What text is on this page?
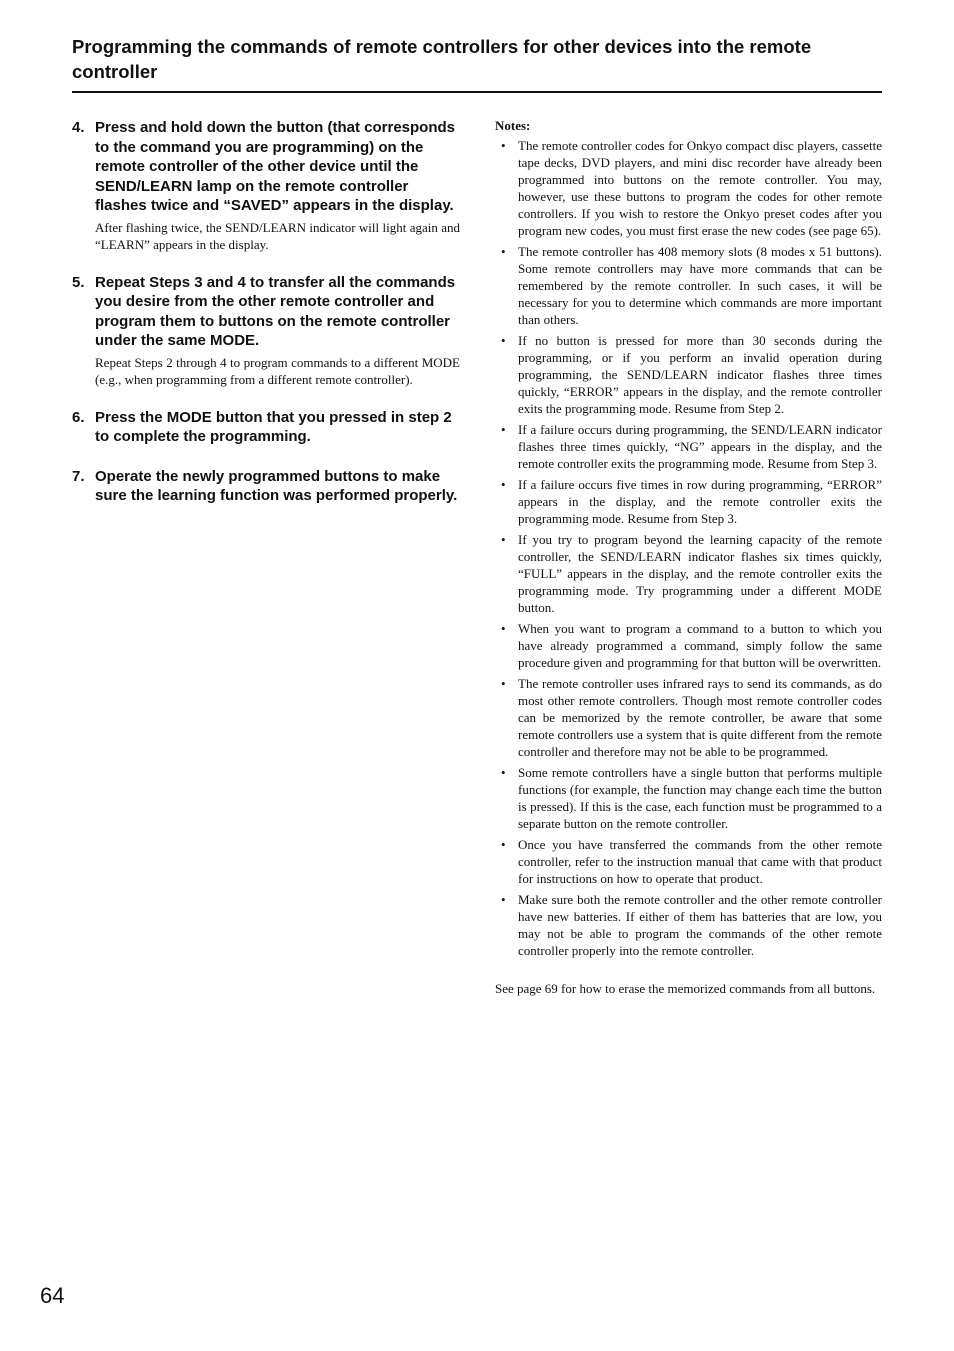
Programming the commands of remote controllers for other devices into the remote controller
4. Press and hold down the button (that corresponds to the command you are programming) on the remote controller of the other device until the SEND/LEARN lamp on the remote controller flashes twice and “SAVED” appears in the display.
After flashing twice, the SEND/LEARN indicator will light again and “LEARN” appears in the display.
5. Repeat Steps 3 and 4 to transfer all the commands you desire from the other remote controller and program them to buttons on the remote controller under the same MODE.
Repeat Steps 2 through 4 to program commands to a different MODE (e.g., when programming from a different remote controller).
6. Press the MODE button that you pressed in step 2 to complete the programming.
7. Operate the newly programmed buttons to make sure the learning function was performed properly.
Notes:
• The remote controller codes for Onkyo compact disc players, cassette tape decks, DVD players, and mini disc recorder have already been programmed into buttons on the remote controller. You may, however, use these buttons to program the codes for other remote controllers. If you wish to restore the Onkyo preset codes after you program new codes, you must first erase the new codes (see page 65).
• The remote controller has 408 memory slots (8 modes x 51 buttons). Some remote controllers may have more commands that can be remembered by the remote controller. In such cases, it will be necessary for you to determine which commands are more important than others.
• If no button is pressed for more than 30 seconds during the programming, or if you perform an invalid operation during programming, the SEND/LEARN indicator flashes three times quickly, “ERROR” appears in the display, and the remote controller exits the programming mode. Resume from Step 2.
• If a failure occurs during programming, the SEND/LEARN indicator flashes three times quickly, “NG” appears in the display, and the remote controller exits the programming mode. Resume from Step 3.
• If a failure occurs five times in row during programming, “ERROR” appears in the display, and the remote controller exits the programming mode. Resume from Step 3.
• If you try to program beyond the learning capacity of the remote controller, the SEND/LEARN indicator flashes six times quickly, “FULL” appears in the display, and the remote controller exits the programming mode. Try programming under a different MODE button.
• When you want to program a command to a button to which you have already programmed a command, simply follow the same procedure given and programming for that button will be overwritten.
• The remote controller uses infrared rays to send its commands, as do most other remote controllers. Though most remote controller codes can be memorized by the remote controller, be aware that some remote controllers use a system that is quite different from the remote controller and therefore may not be able to be programmed.
• Some remote controllers have a single button that performs multiple functions (for example, the function may change each time the button is pressed). If this is the case, each function must be programmed to a separate button on the remote controller.
• Once you have transferred the commands from the other remote controller, refer to the instruction manual that came with that product for instructions on how to operate that product.
• Make sure both the remote controller and the other remote controller have new batteries. If either of them has batteries that are low, you may not be able to program the commands of the other remote controller properly into the remote controller.
See page 69 for how to erase the memorized commands from all buttons.
64
